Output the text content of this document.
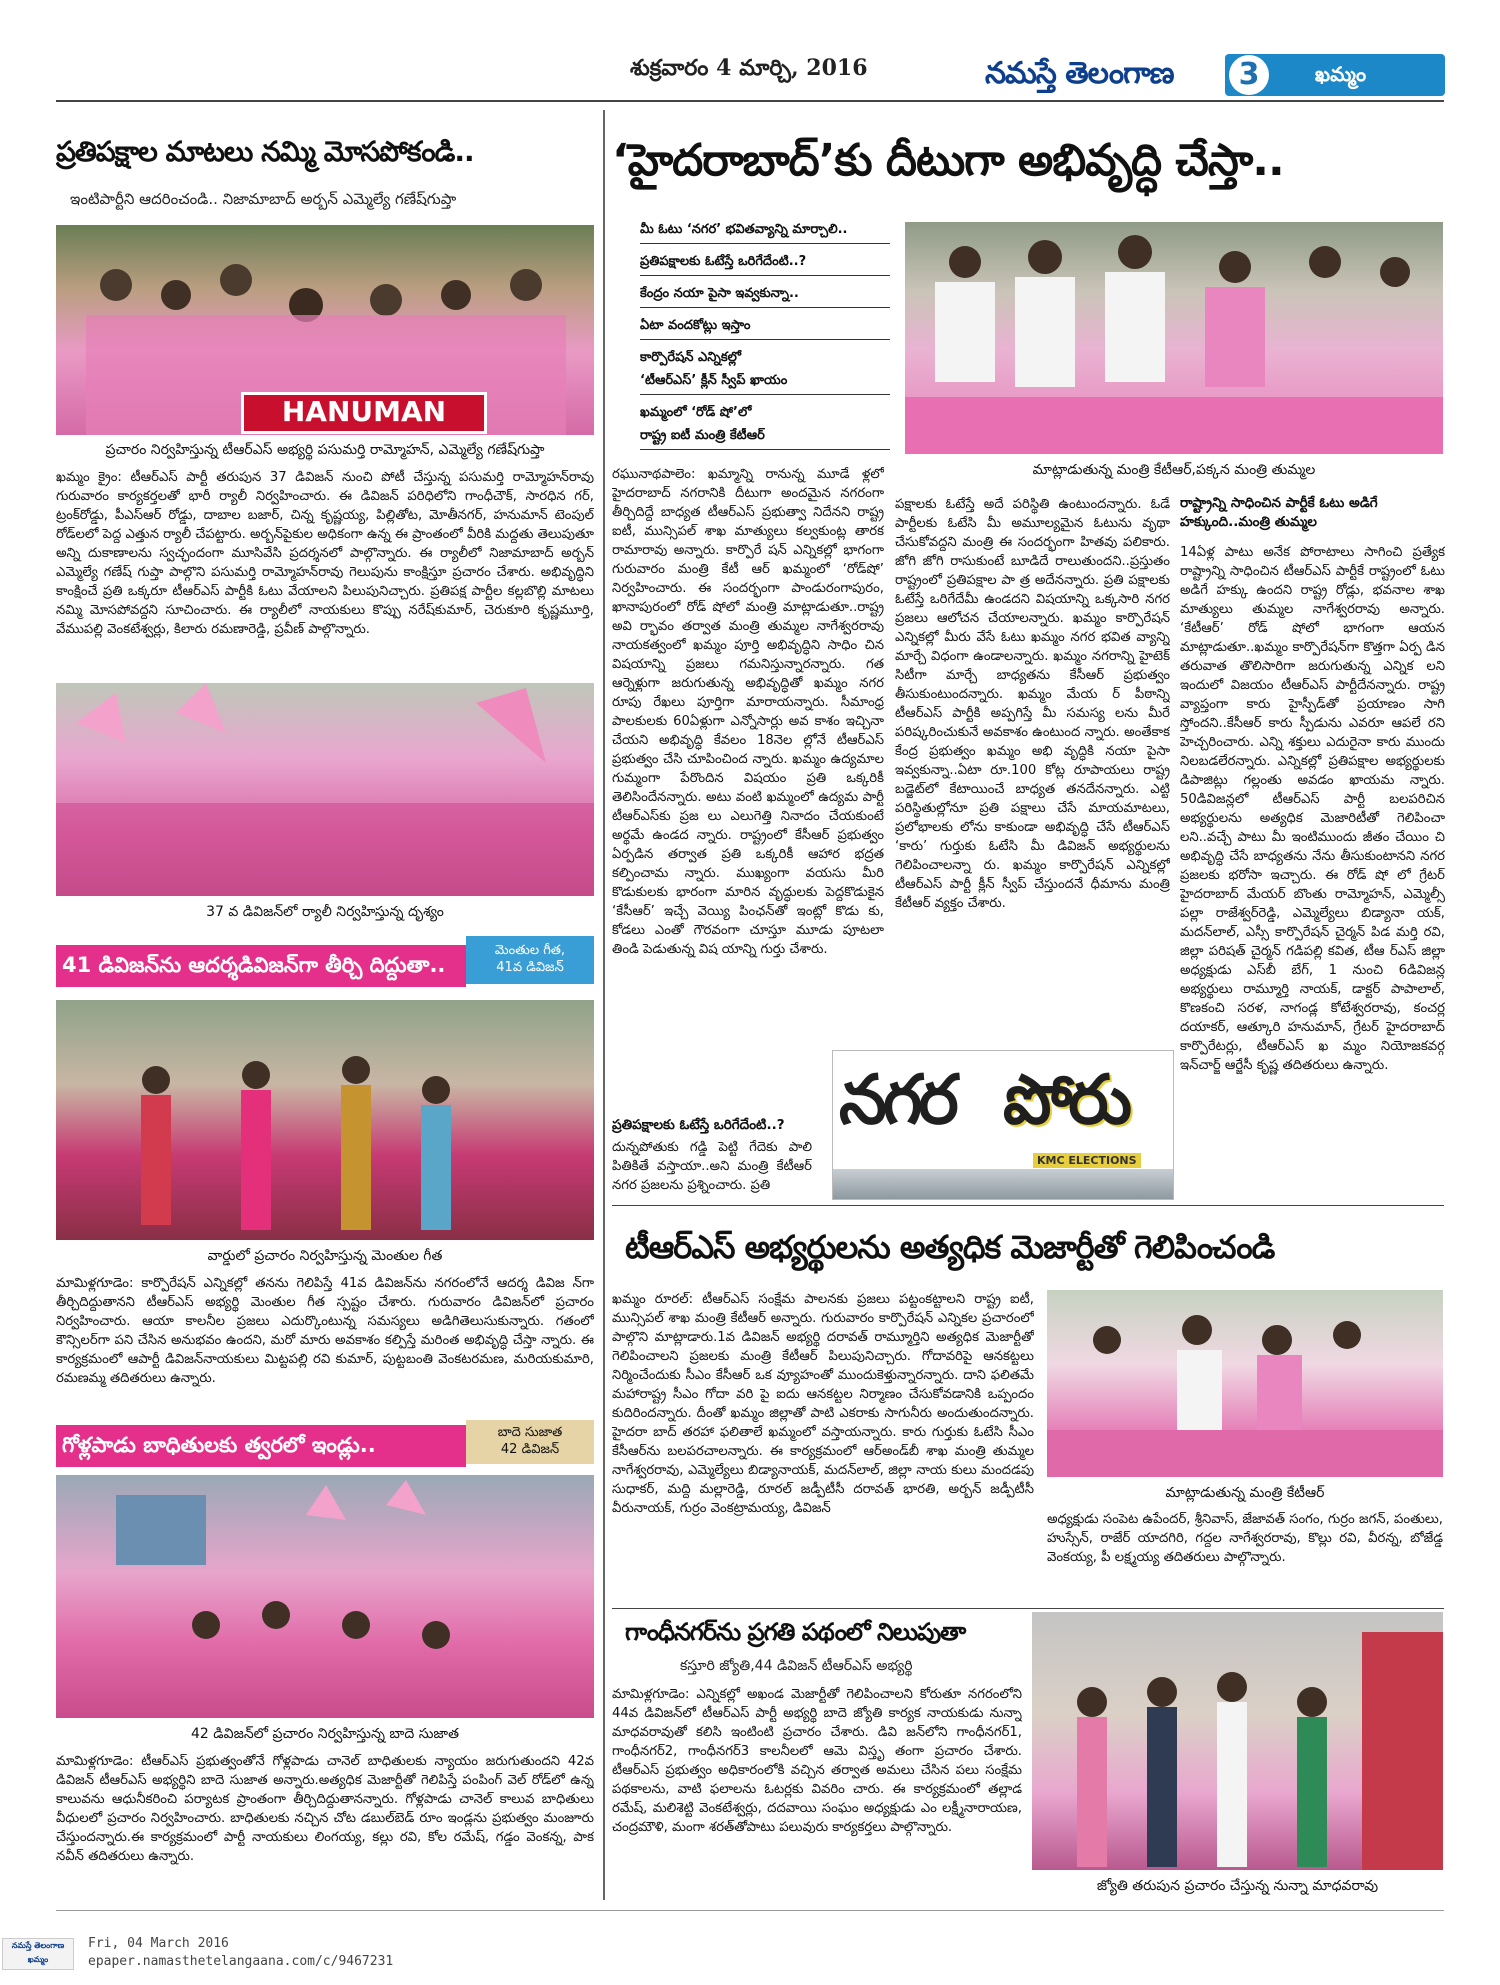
శుక్రవారం 4 మార్చి, 2016	నమస్తే తెలంగాణ	3	ఖమ్మం
ప్రతిపక్షాల మాటలు నమ్మి మోసపోకండి..
ఇంటిపార్టీని ఆదరించండి.. నిజామాబాద్ అర్బన్ ఎమ్మెల్యే గణేష్‌గుప్తా
HANUMAN
ప్రచారం నిర్వహిస్తున్న టీఆర్‌ఎస్ అభ్యర్థి పసుమర్తి రామ్మోహన్, ఎమ్మెల్యే గణేష్‌గుప్తా
ఖమ్మం క్రైం: టీఆర్‌ఎస్ పార్టీ తరుపున 37 డివిజన్ నుంచి పోటీ చేస్తున్న పసుమర్తి రామ్మోహన్‌రావు గురువారం కార్యకర్తలతో భారీ ర్యాలీ నిర్వహించారు. ఈ డివిజన్ పరిధిలోని గాంధీచౌక్, సారధిన గర్, ట్రంక్‌రోడ్డు, పీఎస్‌ఆర్ రోడ్డు, దాబాల బజార్, చిన్న కృష్ణయ్య, పిల్లితోట, మోతీనగర్, హనుమాన్ టెంపుల్ రోడ్‌లలో పెద్ద ఎత్తున ర్యాలీ చేపట్టారు. అర్బన్‌పైకుల అధికంగా ఉన్న ఈ ప్రాంతంలో వీరికి మద్దతు తెలుపుతూ అన్ని దుకాణాలను స్వచ్ఛందంగా మూసివేసి ప్రదర్శనలో పాల్గొన్నారు. ఈ ర్యాలీలో నిజామాబాద్ అర్బన్ ఎమ్మెల్యే గణేష్ గుప్తా పాల్గొని పసుమర్తి రామ్మోహన్‌రావు గెలుపును కాంక్షిస్తూ ప్రచారం చేశారు. అభివృద్ధిని కాంక్షించే ప్రతి ఒక్కరూ టీఆర్‌ఎస్ పార్టీకి ఓటు వేయాలని పిలుపునిచ్చారు. ప్రతిపక్ష పార్టీల కల్లబొల్లి మాటలు నమ్మి మోసపోవద్దని సూచించారు. ఈ ర్యాలీలో నాయకులు కొప్పు నరేష్‌కుమార్, చెరుకూరి కృష్ణమూర్తి, వేముపల్లి వెంకటేశ్వర్లు, కిలారు రమణారెడ్డి, ప్రవీణ్ పాల్గొన్నారు.
37 వ డివిజన్‌లో ర్యాలీ నిర్వహిస్తున్న దృశ్యం
41 డివిజన్‌ను ఆదర్శడివిజన్‌గా తీర్చి దిద్దుతా..
మెంతుల గీత,
41వ డివిజన్
వార్డులో ప్రచారం నిర్వహిస్తున్న మెంతుల గీత
మామిళ్లగూడెం: కార్పొరేషన్ ఎన్నికల్లో తనను గెలిపిస్తే 41వ డివిజన్‌ను నగరంలోనే ఆదర్శ డివిజ న్‌గా తీర్చిదిద్దుతానని టీఆర్‌ఎస్ అభ్యర్థి మెంతుల గీత స్పష్టం చేశారు. గురువారం డివిజన్‌లో ప్రచారం నిర్వహించారు. ఆయా కాలనీల ప్రజలు ఎదుర్కొంటున్న సమస్యలు అడిగితెలుసుకున్నారు. గతంలో కౌన్సిలర్‌గా పని చేసిన అనుభవం ఉందని, మరో మారు అవకాశం కల్పిస్తే మరింత అభివృద్ధి చేస్తా న్నారు. ఈ కార్యక్రమంలో ఆపార్టీ డివిజన్‌నాయకులు మిట్టపల్లి రవి కుమార్, పుట్టబంతి వెంకటరమణ, మరియకుమారి, రమణమ్మ తదితరులు ఉన్నారు.
గోళ్లపాడు బాధితులకు త్వరలో ఇండ్లు..
బాదె సుజాత
42 డివిజన్
42 డివిజన్‌లో ప్రచారం నిర్వహిస్తున్న బాదె సుజాత
మామిళ్లగూడెం: టీఆర్‌ఎస్ ప్రభుత్వంతోనే గోళ్లపాడు చానెల్ బాధితులకు న్యాయం జరుగుతుందని 42వ డివిజన్ టీఆర్‌ఎస్ అభ్యర్థిని బాదె సుజాత అన్నారు.అత్యధిక మెజార్టీతో గెలిపిస్తే పంపింగ్ వెల్ రోడ్‌లో ఉన్న కాలువను ఆధునీకరించి పర్యాటక ప్రాంతంగా తీర్చిదిద్దుతానన్నారు. గోళ్లపాడు చానెల్ కాలువ బాధితులు వీధులలో ప్రచారం నిర్వహించారు. బాధితులకు నచ్చిన చోట డబుల్‌బెడ్ రూం ఇండ్లను ప్రభుత్వం మంజూరు చేస్తుందన్నారు.ఈ కార్యక్రమంలో పార్టీ నాయకులు లింగయ్య, కల్లు రవి, కోల రమేష్, గడ్డం వెంకన్న, పాక నవీన్ తదితరులు ఉన్నారు.
‘హైదరాబాద్’కు దీటుగా అభివృద్ధి చేస్తా..
మీ ఓటు ‘నగర’ భవితవ్యాన్ని మార్చాలి..
ప్రతిపక్షాలకు ఓటేస్తే ఒరిగేదేంటి..?
కేంద్రం నయా పైసా ఇవ్వకున్నా..
ఏటా వందకోట్లు ఇస్తాం
కార్పొరేషన్ ఎన్నికల్లో
‘టీఆర్‌ఎస్’ క్లీన్ స్వీప్ ఖాయం
ఖమ్మంలో ‘రోడ్ షో’లో
రాష్ట్ర ఐటీ మంత్రి కేటీఆర్
మాట్లాడుతున్న మంత్రి కేటీఆర్,పక్కన మంత్రి తుమ్మల
రఘునాథపాలెం: ఖమ్మాన్ని రానున్న మూడే ళ్లలో హైదరాబాద్ నగరానికి దీటుగా అందమైన నగరంగా తీర్చిదిద్దే బాధ్యత టీఆర్‌ఎస్ ప్రభుత్వా నిదేనని రాష్ట్ర ఐటీ, మున్సిపల్ శాఖ మాత్యులు కల్వకుంట్ల తారక రామారావు అన్నారు. కార్పొరే షన్ ఎన్నికల్లో భాగంగా గురువారం మంత్రి కేటీ ఆర్ ఖమ్మంలో ‘రోడ్‌షో’ నిర్వహించారు. ఈ సందర్భంగా పాండురంగాపురం, ఖానాపురంలో రోడ్ షోలో మంత్రి మాట్లాడుతూ..రాష్ట్ర అవి ర్భావం తర్వాత మంత్రి తుమ్మల నాగేశ్వరరావు నాయకత్వంలో ఖమ్మం పూర్తి అభివృద్ధిని సాధిం చిన విషయాన్ని ప్రజలు గమనిస్తున్నారన్నారు. గత ఆర్నెళ్లుగా జరుగుతున్న అభివృద్ధితో ఖమ్మం నగర రూపు రేఖలు పూర్తిగా మారాయన్నారు. సీమాంధ్ర పాలకులకు 60ఏళ్లుగా ఎన్నోసార్లు అవ కాశం ఇచ్చినా చేయని అభివృద్ధి కేవలం 18నెల ల్లోనే టీఆర్‌ఎస్ ప్రభుత్వం చేసి చూపించింద న్నారు. ఖమ్మం ఉద్యమాల గుమ్మంగా పేరొందిన విషయం ప్రతి ఒక్కరికీ తెలిసిందేనన్నారు. అటు వంటి ఖమ్మంలో ఉద్యమ పార్టీ టీఆర్‌ఎస్‌కు ప్రజ లు ఎలుగెత్తి నినాదం చేయకుంటే అర్థమే ఉండద న్నారు. రాష్ట్రంలో కేసీఆర్ ప్రభుత్వం ఏర్పడిన తర్వాత ప్రతి ఒక్కరికీ ఆహార భద్రత కల్పించామ న్నారు. ముఖ్యంగా వయసు మీరి కొడుకులకు భారంగా మారిన వృద్ధులకు పెద్దకొడుకైన ‘కేసీఆర్’ ఇచ్చే వెయ్యి పింఛన్‌తో ఇంట్లో కొడు కు, కోడలు ఎంతో గౌరవంగా చూస్తూ మూడు పూటలా తిండి పెడుతున్న విష యాన్ని గుర్తు చేశారు.
ప్రతిపక్షాలకు ఓటేస్తే ఒరిగేదేంటి..?
దున్నపోతుకు గడ్డి పెట్టి గేదెకు పాలి పితికితే వస్తాయా..అని మంత్రి కేటీఆర్ నగర ప్రజలను ప్రశ్నించారు. ప్రతి
పక్షాలకు ఓటేస్తే అదే పరిస్థితి ఉంటుందన్నారు. ఓడే పార్టీలకు ఓటేసి మీ అమూల్యమైన ఓటును వృథా చేసుకోవద్దని మంత్రి ఈ సందర్భంగా హితవు పలికారు. జోగి జోగి రాసుకుంటే బూడిదే రాలుతుందని..ప్రస్తుతం రాష్ట్రంలో ప్రతిపక్షాల పా త్ర అదేనన్నారు. ప్రతి పక్షాలకు ఓటేస్తే ఒరిగేదేమీ ఉండదని విషయాన్ని ఒక్కసారి నగర ప్రజలు ఆలోచన చేయాలన్నారు. ఖమ్మం కార్పొరేషన్ ఎన్నికల్లో మీరు వేసే ఓటు ఖమ్మం నగర భవిత వ్యాన్ని మార్చే విధంగా ఉండాలన్నారు. ఖమ్మం నగరాన్ని హైటెక్ సిటీగా మార్చే బాధ్యతను కేసీఆర్ ప్రభుత్వం తీసుకుంటుందన్నారు. ఖమ్మం మేయ ర్ పీఠాన్ని టీఆర్‌ఎస్ పార్టీకి అప్పగిస్తే మీ సమస్య లను మీరే పరిష్కరించుకునే అవకాశం ఉంటుంద న్నారు. అంతేకాక కేంద్ర ప్రభుత్వం ఖమ్మం అభి వృద్ధికి నయా పైసా ఇవ్వకున్నా..ఏటా రూ.100 కోట్ల రూపాయలు రాష్ట్ర బడ్జెట్‌లో కేటాయించే బాధ్యత తనదేనన్నారు. ఎట్టి పరిస్థితుల్లోనూ ప్రతి పక్షాలు చేసే మాయమాటలు, ప్రలోభాలకు లోను కాకుండా అభివృద్ధి చేసే టీఆర్‌ఎస్ ‘కారు’ గుర్తుకు ఓటేసి మీ డివిజన్ అభ్యర్థులను గెలిపించాలన్నా రు. ఖమ్మం కార్పొరేషన్ ఎన్నికల్లో టీఆర్‌ఎస్ పార్టీ క్లీన్ స్వీప్ చేస్తుందనే ధీమాను మంత్రి కేటీఆర్ వ్యక్తం చేశారు.
రాష్ట్రాన్ని సాధించిన పార్టీకే ఓటు అడిగే హక్కుంది..మంత్రి తుమ్మల
14ఏళ్ల పాటు అనేక పోరాటాలు సాగించి ప్రత్యేక రాష్ట్రాన్ని సాధించిన టీఆర్‌ఎస్ పార్టీకే రాష్ట్రంలో ఓటు అడిగే హక్కు ఉందని రాష్ట్ర రోడ్లు, భవనాల శాఖ మాత్యులు తుమ్మల నాగేశ్వరరావు అన్నారు. ‘కేటీఆర్’ రోడ్ షోలో భాగంగా ఆయన మాట్లాడుతూ..ఖమ్మం కార్పొరేషన్‌గా కొత్తగా ఏర్ప డిన తరువాత తొలిసారిగా జరుగుతున్న ఎన్నిక లని ఇందులో విజయం టీఆర్‌ఎస్ పార్టీదేనన్నారు. రాష్ట్ర వ్యాప్తంగా కారు హైస్పీడ్‌తో ప్రయాణం సాగి స్తోందని..కేసీఆర్ కారు స్పీడును ఎవరూ ఆపలే రని హెచ్చరించారు. ఎన్ని శక్తులు ఎదురైనా కారు ముందు నిలబడలేరన్నారు. ఎన్నికల్లో ప్రతిపక్షాల అభ్యర్థులకు డిపాజిట్లు గల్లంతు అవడం ఖాయమ న్నారు. 50డివిజన్లలో టీఆర్‌ఎస్ పార్టీ బలపరిచిన అభ్యర్థులను అత్యధిక మెజారిటీతో గెలిపించా లని..వచ్చే పాటు మీ ఇంటిముందు జీతం చేయిం చి అభివృద్ధి చేసే బాధ్యతను నేను తీసుకుంటానని నగర ప్రజలకు భరోసా ఇచ్చారు. ఈ రోడ్ షో లో గ్రేటర్ హైదరాబాద్ మేయర్ బొంతు రామ్మోహన్, ఎమ్మెల్సీ పల్లా రాజేశ్వర్‌రెడ్డి, ఎమ్మెల్యేలు బిడ్యానా యక్, మదన్‌లాల్, ఎస్సీ కార్పొరేషన్ చైర్మన్ పిడ మర్తి రవి, జిల్లా పరిషత్ చైర్మన్ గడిపల్లి కవిత, టీఆ ర్‌ఎస్ జిల్లా అధ్యక్షుడు ఎస్‌బీ బేగ్, 1 నుంచి 6డివిజన్ల అభ్యర్థులు రామ్మూర్తి నాయక్, డాక్టర్ పాపాలాల్, కొణకంచి సరళ, నాగండ్ల కోటేశ్వరరావు, కంచర్ల దయాకర్, ఆత్కూరి హనుమాన్, గ్రేటర్ హైదరాబాద్ కార్పొరేటర్లు, టీఆర్‌ఎస్ ఖ మ్మం నియోజకవర్గ ఇన్‌చార్జ్ ఆర్జేసీ కృష్ణ తదితరులు ఉన్నారు.
నగర పోరు
KMC ELECTIONS
టీఆర్‌ఎస్ అభ్యర్థులను అత్యధిక మెజార్టీతో గెలిపించండి
ఖమ్మం రూరల్: టీఆర్‌ఎస్ సంక్షేమ పాలనకు ప్రజలు పట్టంకట్టాలని రాష్ట్ర ఐటీ, మున్సిపల్ శాఖ మంత్రి కేటీఆర్ అన్నారు. గురువారం కార్పొరేషన్ ఎన్నికల ప్రచారంలో పాల్గొని మాట్లాడారు.1వ డివిజన్ అభ్యర్థి దరావత్ రామ్మూర్తిని అత్యధిక మెజార్టీతో గెలిపించాలని ప్రజలకు మంత్రి కేటీఆర్ పిలుపునిచ్చారు. గోదావరిపై ఆనకట్టలు నిర్మించేందుకు సీఎం కేసీఆర్ ఒక వ్యూహంతో ముందుకెళ్తున్నారన్నారు. దాని ఫలితమే మహారాష్ట్ర సీఎం గోదా వరి పై ఐదు ఆనకట్టల నిర్మాణం చేసుకోవడానికి ఒప్పందం కుదిరిందన్నారు. దీంతో ఖమ్మం జిల్లాతో పాటి ఎకరాకు సాగునీరు అందుతుందన్నారు. హైదరా బాద్ తరహా ఫలితాలే ఖమ్మంలో వస్తాయన్నారు. కారు గుర్తుకు ఓటేసి సీఎం కేసీఆర్‌ను బలపరచాలన్నారు. ఈ కార్యక్రమంలో ఆర్‌అండ్‌బీ శాఖ మంత్రి తుమ్మల నాగేశ్వరరావు, ఎమ్మెల్యేలు బిడ్యానాయక్, మదన్‌లాల్, జిల్లా నాయ కులు మందడపు సుధాకర్, మద్ది మల్లారెడ్డి, రూరల్ జడ్పీటీసీ దరావత్ భారతి, అర్బన్ జడ్పీటీసీ వీరునాయక్, గుర్రం వెంకట్రామయ్య, డివిజన్
మాట్లాడుతున్న మంత్రి కేటీఆర్
అధ్యక్షుడు సంపెట ఉపేందర్, శ్రీనివాస్, జేజావత్ సంగం, గుర్రం జగన్, పంతులు, హుస్సేన్, రాజేర్ యాదగిరి, గద్దల నాగేశ్వరరావు, కొల్లు రవి, వీరన్న, బోజేడ్డ వెంకయ్య, పీ లక్ష్మయ్య తదితరులు పాల్గొన్నారు.
గాంధీనగర్‌ను ప్రగతి పథంలో నిలుపుతా
కస్తూరి జ్యోతి,44 డివిజన్ టీఆర్‌ఎస్ అభ్యర్థి
మామిళ్లగూడెం: ఎన్నికల్లో అఖండ మెజార్టీతో గెలిపించాలని కోరుతూ నగరంలోని 44వ డివిజన్‌లో టీఆర్‌ఎస్ పార్టీ అభ్యర్థి బాదె జ్యోతి కార్యక నాయకుడు నున్నా మాధవరావుతో కలిసి ఇంటింటి ప్రచారం చేశారు. డివి జన్‌లోని గాంధీనగర్1, గాంధీనగర్2, గాంధీనగర్3 కాలనీలలో ఆమె విస్తృ తంగా ప్రచారం చేశారు. టీఆర్‌ఎస్ ప్రభుత్వం అధికారంలోకి వచ్చిన తర్వాత అమలు చేసిన పలు సంక్షేమ పథకాలను, వాటి ఫలాలను ఓటర్లకు వివరిం చారు. ఈ కార్యక్రమంలో తల్లాడ రమేష్, మలిశెట్టి వెంకటేశ్వర్లు, దదవాయి సంఘం అధ్యక్షుడు ఎం లక్ష్మీనారాయణ, చంద్రమౌళి, మంగా శరత్‌తోపాటు పలువురు కార్యకర్తలు పాల్గొన్నారు.
జ్యోతి తరుపున ప్రచారం చేస్తున్న నున్నా మాధవరావు
నమస్తే తెలంగాణ ఖమ్మం
Fri, 04 March 2016
epaper.namasthetelangaana.com/c/9467231
